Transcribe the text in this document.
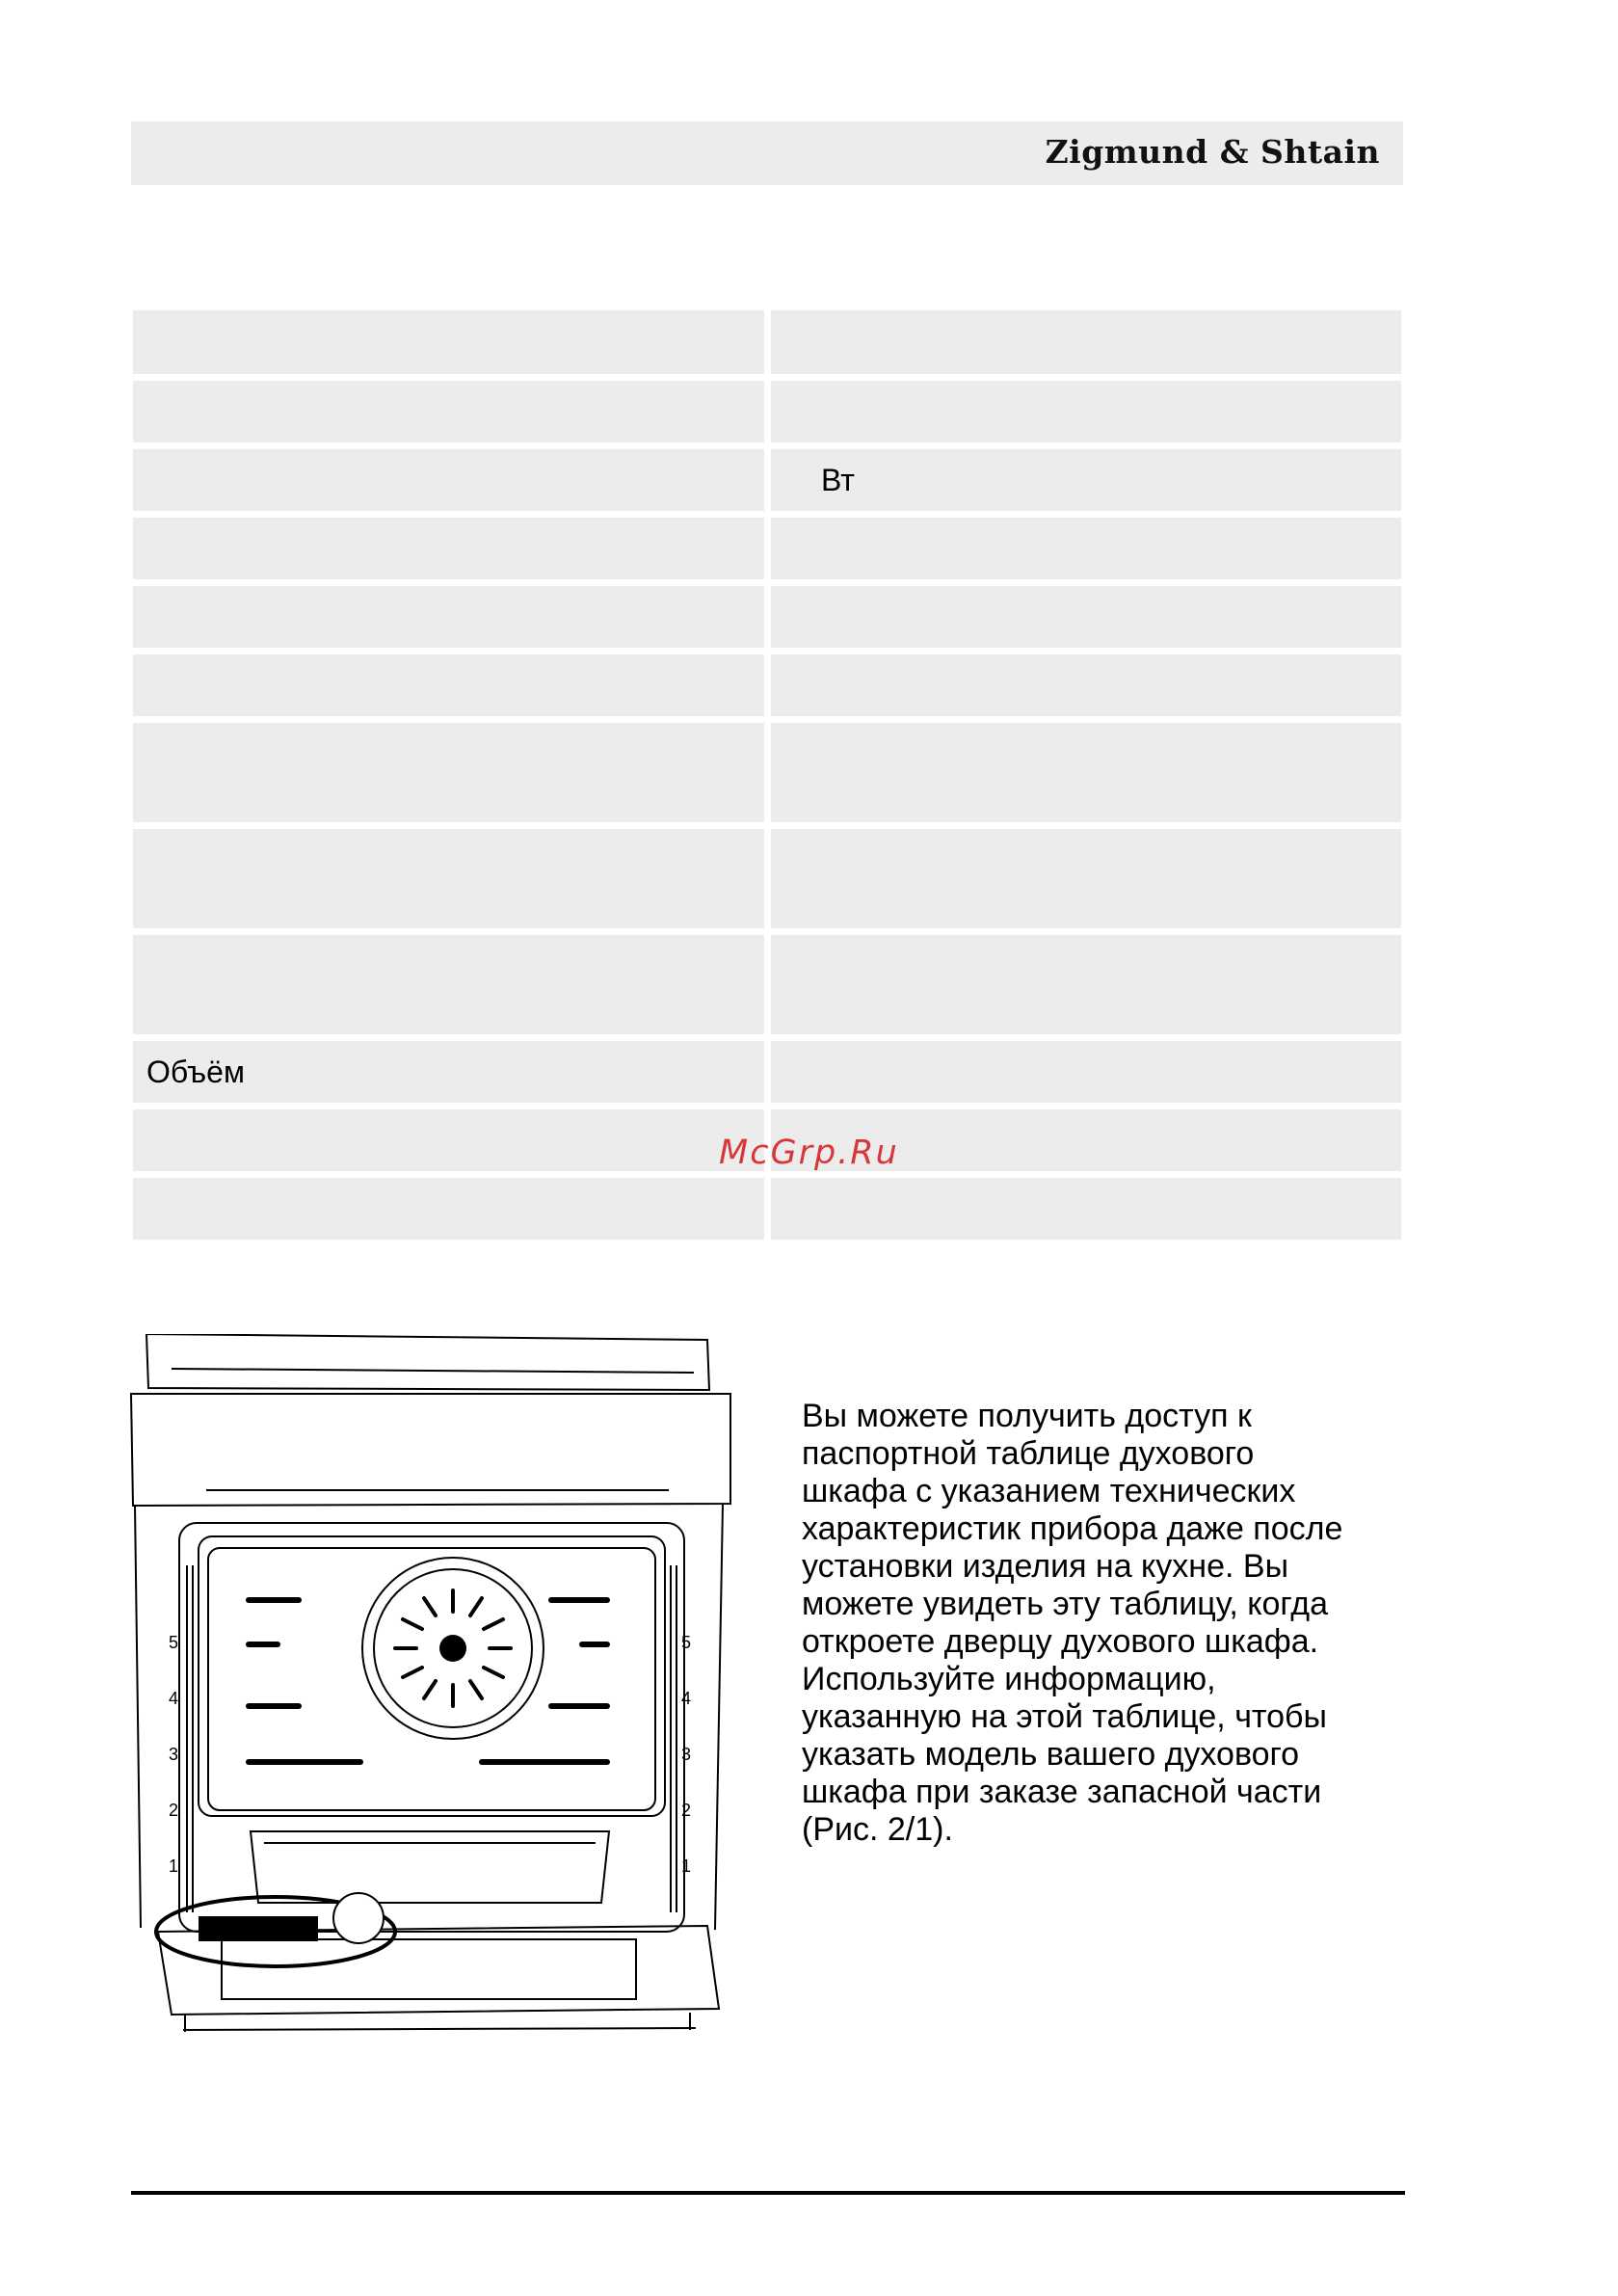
Zigmund & Shtain
Вт
Объём
McGrp.Ru
5
4
3
2
1
5
4
3
2
1

Вы можете получить доступ к
паспортной таблице духового
шкафа с указанием технических
характеристик прибора даже после
установки изделия на кухне. Вы
можете увидеть эту таблицу, когда
откроете дверцу духового шкафа.
Используйте информацию,
указанную на этой таблице, чтобы
указать модель вашего духового
шкафа при заказе запасной части
(Рис. 2/1).
